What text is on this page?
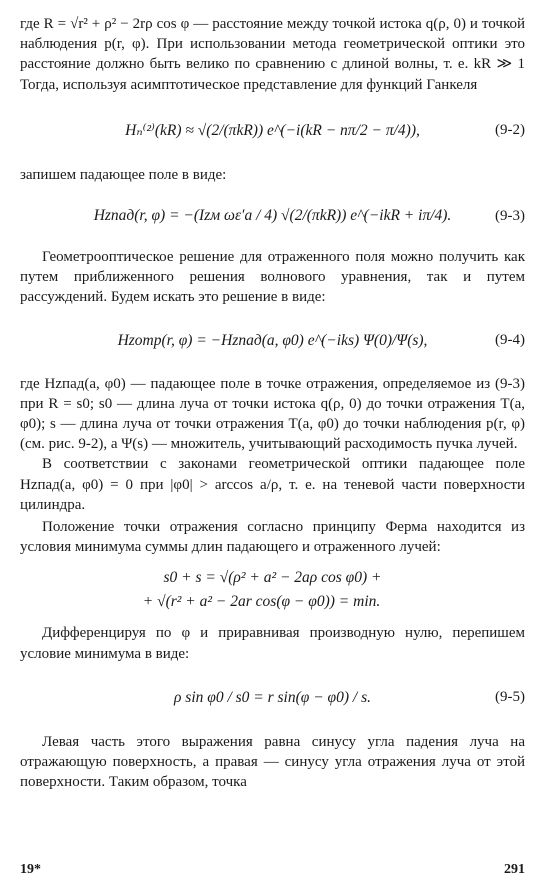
где R = √r² + ρ² − 2rρ cos φ — расстояние между точкой истока q(ρ, 0) и точкой наблюдения p(r, φ). При использовании метода геометрической оптики это расстояние должно быть велико по сравнению с длиной волны, т. е. kR ≫ 1 Тогда, используя асимптотическое представление для функций Ганкеля

Hₙ⁽²⁾(kR) ≈ √(2/(πkR)) e^(−i(kR − nπ/2 − π/4)),	(9-2)

запишем падающее поле в виде:

Hzпад(r, φ) = −(Izм ωε′a / 4) √(2/(πkR)) e^(−ikR + iπ/4).	(9-3)

Геометрооптическое решение для отраженного поля можно получить как путем приближенного решения волнового уравнения, так и путем рассуждений. Будем искать это решение в виде:

Hzотр(r, φ) = −Hzпад(a, φ0) e^(−iks) Ψ(0)/Ψ(s),	(9-4)

где Hzпад(a, φ0) — падающее поле в точке отражения, определяемое из (9-3) при R = s0; s0 — длина луча от точки истока q(ρ, 0) до точки отражения T(a, φ0); s — длина луча от точки отражения T(a, φ0) до точки наблюдения p(r, φ) (см. рис. 9-2), а Ψ(s) — множитель, учитывающий расходимость пучка лучей.

В соответствии с законами геометрической оптики падающее поле Hzпад(a, φ0) = 0 при |φ0| > arccos a/ρ, т. е. на теневой части поверхности цилиндра.

Положение точки отражения согласно принципу Ферма находится из условия минимума суммы длин падающего и отраженного лучей:

s0 + s = √(ρ² + a² − 2aρ cos φ0) +
+ √(r² + a² − 2ar cos(φ − φ0)) = min.

Дифференцируя по φ и приравнивая производную нулю, перепишем условие минимума в виде:

ρ sin φ0 / s0 = r sin(φ − φ0) / s.	(9-5)

Левая часть этого выражения равна синусу угла падения луча на отражающую поверхность, а правая — синусу угла отражения луча от этой поверхности. Таким образом, точка

19*	291
